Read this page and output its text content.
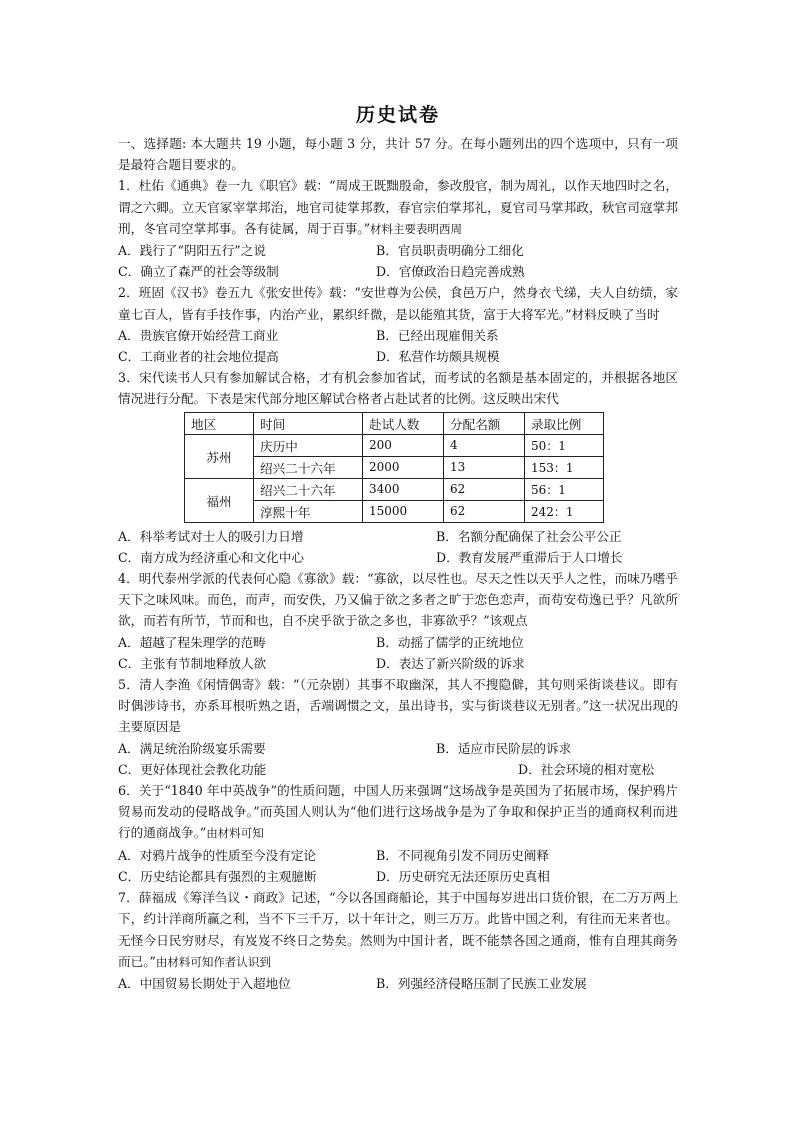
历史试卷

一、选择题: 本大题共 19 小题，每小题 3 分，共计 57 分。在每小题列出的四个选项中，只有一项是最符合题目要求的。

1．杜佑《通典》卷一九《职官》载：“周成王既黜殷命，参改殷官，制为周礼，以作天地四时之名，谓之六卿。立天官冢宰掌邦治，地官司徒掌邦教，春官宗伯掌邦礼，夏官司马掌邦政，秋官司寇掌邦刑，冬官司空掌邦事。各有徒属，周于百事。”材料主要表明西周

A．践行了“阴阳五行”之说	B．官员职责明确分工细化
C．确立了森严的社会等级制	D．官僚政治日趋完善成熟

2．班固《汉书》卷五九《张安世传》载：“安世尊为公侯，食邑万户，然身衣弋绨，夫人自纺绩，家童七百人，皆有手技作事，内治产业，累织纤微，是以能殖其货，富于大将军光。”材料反映了当时

A．贵族官僚开始经营工商业	B．已经出现雇佣关系
C．工商业者的社会地位提高	D．私营作坊颇具规模

3．宋代读书人只有参加解试合格，才有机会参加省试，而考试的名额是基本固定的，并根据各地区情况进行分配。下表是宋代部分地区解试合格者占赴试者的比例。这反映出宋代

地区	时间	赴试人数	分配名额	录取比例
苏州	庆历中	200	4	50：1
	绍兴二十六年	2000	13	153：1
福州	绍兴二十六年	3400	62	56：1
	淳熙十年	15000	62	242：1
A．科举考试对士人的吸引力日增	B．名额分配确保了社会公平公正
C．南方成为经济重心和文化中心	D．教育发展严重滞后于人口增长

4．明代泰州学派的代表何心隐《寡欲》载：“寡欲，以尽性也。尽天之性以天乎人之性，而味乃嗜乎天下之味风味。而色，而声，而安佚，乃又偏于欲之多者之旷于恋色恋声，而苟安苟逸已乎？凡欲所欲，而若有所节，节而和也，自不戾乎欲于欲之多也，非寡欲乎？”该观点

A．超越了程朱理学的范畴	B．动摇了儒学的正统地位
C．主张有节制地释放人欲	D．表达了新兴阶级的诉求

5．清人李渔《闲情偶寄》载：“（元杂剧）其事不取幽深，其人不搜隐僻，其句则采街谈巷议。即有时偶涉诗书，亦系耳根听熟之语，舌端调惯之文，虽出诗书，实与街谈巷议无别者。”这一状况出现的主要原因是

A．满足统治阶级宴乐需要	B．适应市民阶层的诉求
C．更好体现社会教化功能	D．社会环境的相对宽松

6．关于“1840 年中英战争”的性质问题，中国人历来强调“这场战争是英国为了拓展市场，保护鸦片贸易而发动的侵略战争。”而英国人则认为“他们进行这场战争是为了争取和保护正当的通商权利而进行的通商战争。”由材料可知

A．对鸦片战争的性质至今没有定论	B．不同视角引发不同历史阐释
C．历史结论都具有强烈的主观臆断	D．历史研究无法还原历史真相

7．薛福成《筹洋刍议・商政》记述，“今以各国商船论，其于中国每岁进出口货价银，在二万万两上下，约计洋商所赢之利，当不下三千万，以十年计之，则三万万。此皆中国之利，有往而无来者也。无怪今日民穷财尽，有岌岌不终日之势矣。然则为中国计者，既不能禁各国之通商，惟有自理其商务而已。”由材料可知作者认识到

A．中国贸易长期处于入超地位	B．列强经济侵略压制了民族工业发展
